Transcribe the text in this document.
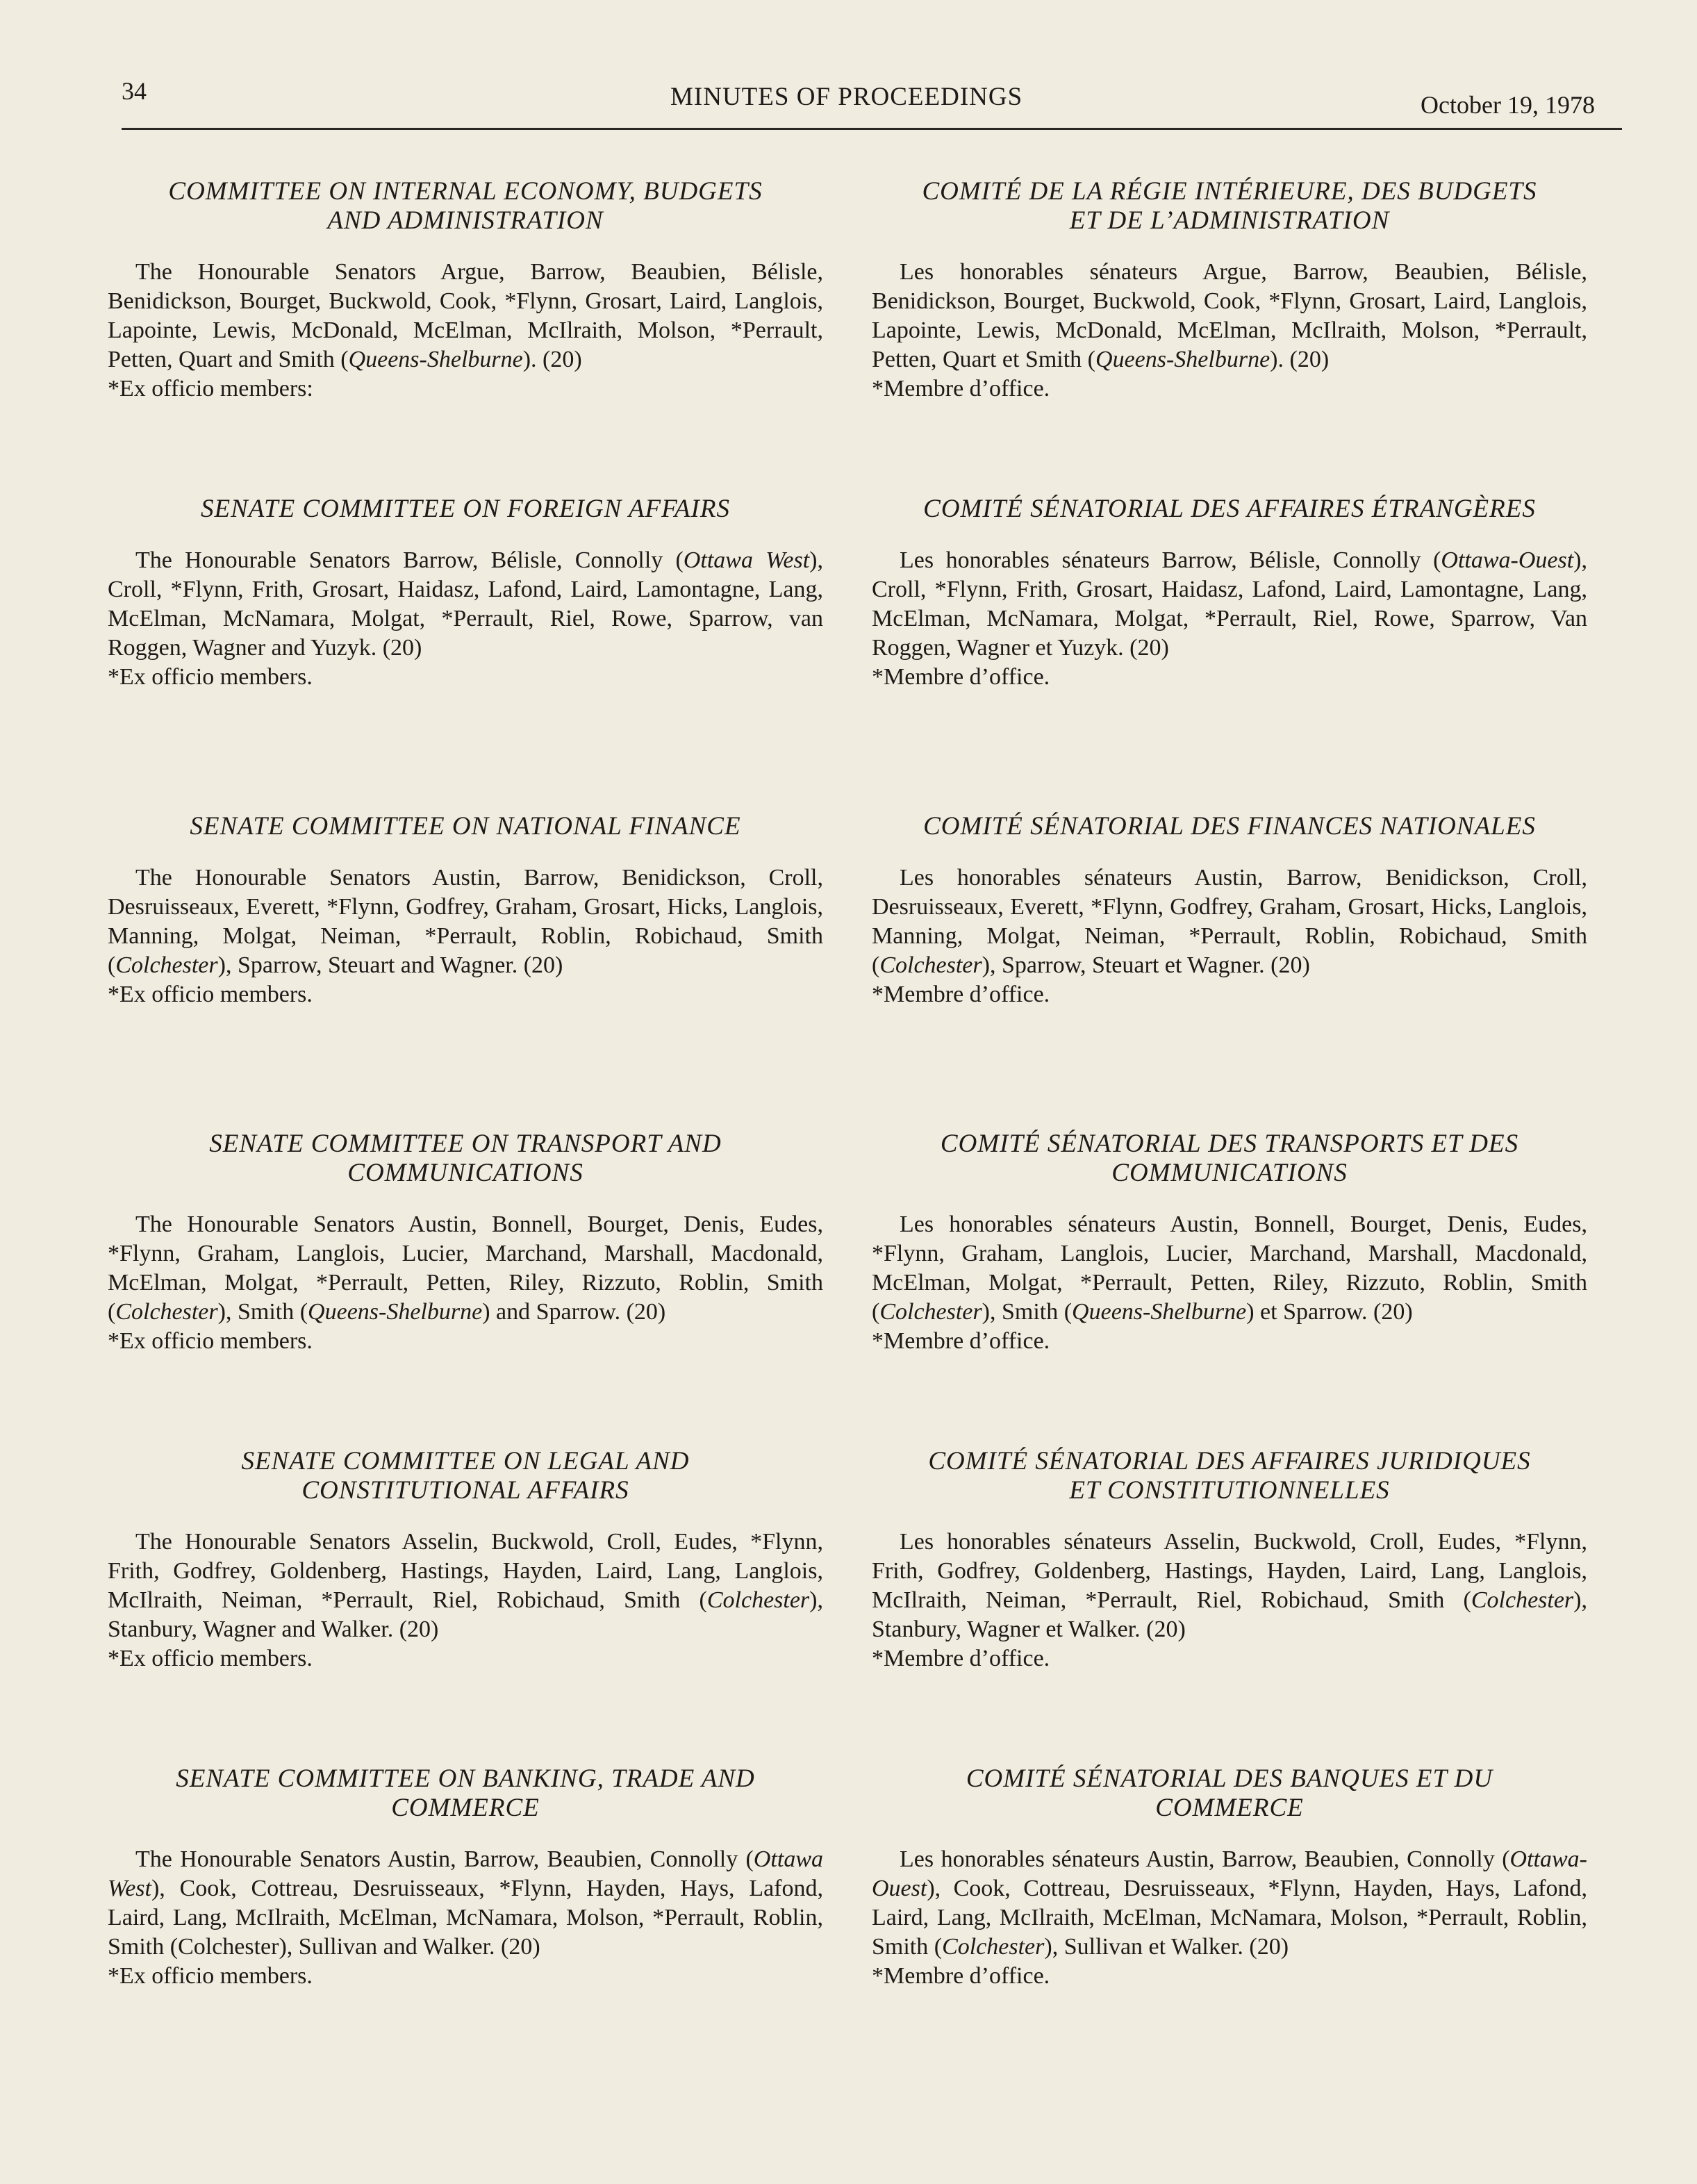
34	MINUTES OF PROCEEDINGS	October 19, 1978
COMMITTEE ON INTERNAL ECONOMY, BUDGETS AND ADMINISTRATION

The Honourable Senators Argue, Barrow, Beaubien, Bélisle, Benidickson, Bourget, Buckwold, Cook, *Flynn, Grosart, Laird, Langlois, Lapointe, Lewis, McDonald, McElman, McIlraith, Molson, *Perrault, Petten, Quart and Smith (Queens-Shelburne). (20)

*Ex officio members:
SENATE COMMITTEE ON FOREIGN AFFAIRS

The Honourable Senators Barrow, Bélisle, Connolly (Ottawa West), Croll, *Flynn, Frith, Grosart, Haidasz, Lafond, Laird, Lamontagne, Lang, McElman, McNamara, Molgat, *Perrault, Riel, Rowe, Sparrow, van Roggen, Wagner and Yuzyk. (20)

*Ex officio members.
SENATE COMMITTEE ON NATIONAL FINANCE

The Honourable Senators Austin, Barrow, Benidickson, Croll, Desruisseaux, Everett, *Flynn, Godfrey, Graham, Grosart, Hicks, Langlois, Manning, Molgat, Neiman, *Perrault, Roblin, Robichaud, Smith (Colchester), Sparrow, Steuart and Wagner. (20)

*Ex officio members.
SENATE COMMITTEE ON TRANSPORT AND COMMUNICATIONS

The Honourable Senators Austin, Bonnell, Bourget, Denis, Eudes, *Flynn, Graham, Langlois, Lucier, Marchand, Marshall, Macdonald, McElman, Molgat, *Perrault, Petten, Riley, Rizzuto, Roblin, Smith (Colchester), Smith (Queens-Shelburne) and Sparrow. (20)

*Ex officio members.
SENATE COMMITTEE ON LEGAL AND CONSTITUTIONAL AFFAIRS

The Honourable Senators Asselin, Buckwold, Croll, Eudes, *Flynn, Frith, Godfrey, Goldenberg, Hastings, Hayden, Laird, Lang, Langlois, McIlraith, Neiman, *Perrault, Riel, Robichaud, Smith (Colchester), Stanbury, Wagner and Walker. (20)

*Ex officio members.
SENATE COMMITTEE ON BANKING, TRADE AND COMMERCE

The Honourable Senators Austin, Barrow, Beaubien, Connolly (Ottawa West), Cook, Cottreau, Desruisseaux, *Flynn, Hayden, Hays, Lafond, Laird, Lang, McIlraith, McElman, McNamara, Molson, *Perrault, Roblin, Smith (Colchester), Sullivan and Walker. (20)

*Ex officio members.
COMITÉ DE LA RÉGIE INTÉRIEURE, DES BUDGETS ET DE L’ADMINISTRATION

Les honorables sénateurs Argue, Barrow, Beaubien, Bélisle, Benidickson, Bourget, Buckwold, Cook, *Flynn, Grosart, Laird, Langlois, Lapointe, Lewis, McDonald, McElman, McIlraith, Molson, *Perrault, Petten, Quart et Smith (Queens-Shelburne). (20)

*Membre d’office.
COMITÉ SÉNATORIAL DES AFFAIRES ÉTRANGÈRES

Les honorables sénateurs Barrow, Bélisle, Connolly (Ottawa-Ouest), Croll, *Flynn, Frith, Grosart, Haidasz, Lafond, Laird, Lamontagne, Lang, McElman, McNamara, Molgat, *Perrault, Riel, Rowe, Sparrow, Van Roggen, Wagner et Yuzyk. (20)

*Membre d’office.
COMITÉ SÉNATORIAL DES FINANCES NATIONALES

Les honorables sénateurs Austin, Barrow, Benidickson, Croll, Desruisseaux, Everett, *Flynn, Godfrey, Graham, Grosart, Hicks, Langlois, Manning, Molgat, Neiman, *Perrault, Roblin, Robichaud, Smith (Colchester), Sparrow, Steuart et Wagner. (20)

*Membre d’office.
COMITÉ SÉNATORIAL DES TRANSPORTS ET DES COMMUNICATIONS

Les honorables sénateurs Austin, Bonnell, Bourget, Denis, Eudes, *Flynn, Graham, Langlois, Lucier, Marchand, Marshall, Macdonald, McElman, Molgat, *Perrault, Petten, Riley, Rizzuto, Roblin, Smith (Colchester), Smith (Queens-Shelburne) et Sparrow. (20)

*Membre d’office.
COMITÉ SÉNATORIAL DES AFFAIRES JURIDIQUES ET CONSTITUTIONNELLES

Les honorables sénateurs Asselin, Buckwold, Croll, Eudes, *Flynn, Frith, Godfrey, Goldenberg, Hastings, Hayden, Laird, Lang, Langlois, McIlraith, Neiman, *Perrault, Riel, Robichaud, Smith (Colchester), Stanbury, Wagner et Walker. (20)

*Membre d’office.
COMITÉ SÉNATORIAL DES BANQUES ET DU COMMERCE

Les honorables sénateurs Austin, Barrow, Beaubien, Connolly (Ottawa-Ouest), Cook, Cottreau, Desruisseaux, *Flynn, Hayden, Hays, Lafond, Laird, Lang, McIlraith, McElman, McNamara, Molson, *Perrault, Roblin, Smith (Colchester), Sullivan et Walker. (20)

*Membre d’office.
